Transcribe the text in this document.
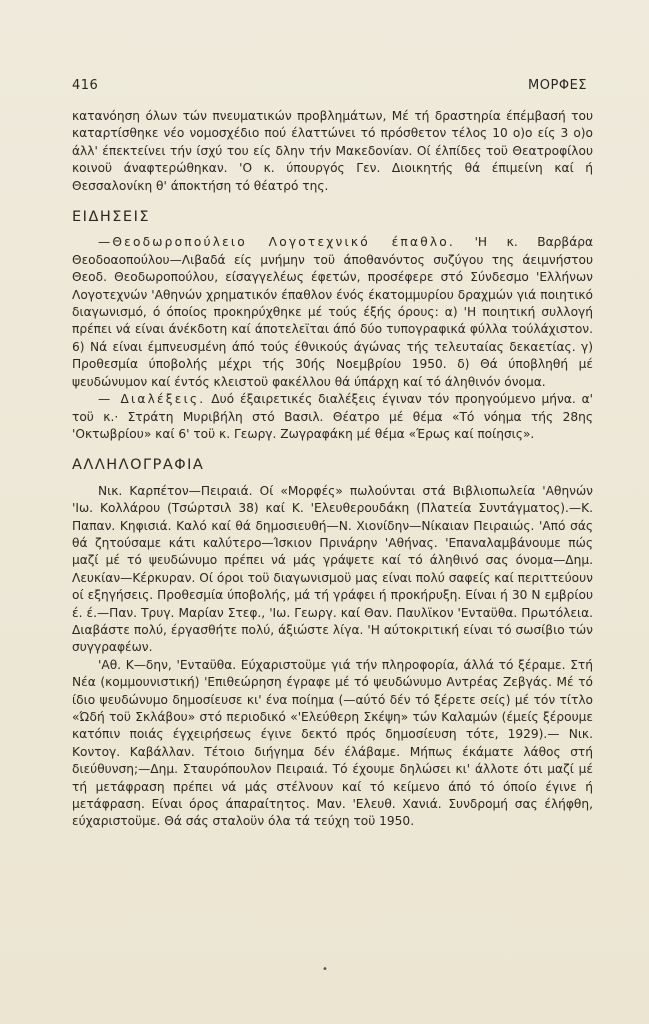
416	ΜΟΡΦΕΣ

κατανόηση όλων τών πνευματικών προβλημάτων, Μέ τή δραστηρία έπέμβασή του καταρτίσθηκε νέο νομοσχέδιο πού έλαττώνει τό πρόσθετον τέλος 10 ο)ο είς 3 ο)ο άλλ' έπεκτείνει τήν ίσχύ του είς δλην τήν Μακεδονίαν. Οί έλπίδες τοϋ Θεατροφίλου κοινοϋ άναφτερώθηκαν. 'Ο κ. ύπουργός Γεν. Διοικητής θά έπιμείνη καί ή Θεσσαλονίκη θ' άποκτήση τό θέατρό της.

ΕΙΔΗΣΕΙΣ

—Θεοδωροπούλειο Λογοτεχνικό έπαθλο. 'Η κ. Βαρβάρα Θεοδοαοπούλου—Λιβαδά είς μνήμην τοϋ άποθανόντος συζύγου της άειμνήστου Θεοδ. Θεοδωροπούλου, είσαγγελέως έφετών, προσέφερε στό Σύνδεσμο 'Ελλήνων Λογοτεχνών 'Αθηνών χρηματικόν έπαθλον ένός έκατομμυρίου δραχμών γιά ποιητικό διαγωνισμό, ό όποίος προκηρύχθηκε μέ τούς έξής όρους: α) 'Η ποιητική συλλογή πρέπει νά είναι άνέκδοτη καί άποτελεϊται άπό δύο τυπογραφικά φύλλα τούλάχιστον. 6) Νά είναι έμπνευσμένη άπό τούς έθνικούς άγώνας τής τελευταίας δεκαετίας. γ) Προθεσμία ύποβολής μέχρι τής 30ής Νοεμβρίου 1950. δ) Θά ύποβληθή μέ ψευδώνυμον καί έντός κλειστοϋ φακέλλου θά ύπάρχη καί τό άληθινόν όνομα.

— Διαλέξεις. Δυό έξαιρετικές διαλέξεις έγιναν τόν προηγούμενο μήνα. α' τοϋ κ.· Στράτη Μυριβήλη στό Βασιλ. Θέατρο μέ θέμα «Τό νόημα τής 28ης 'Οκτωβρίου» καί 6' τοϋ κ. Γεωργ. Ζωγραφάκη μέ θέμα «Έρως καί ποίησις».

ΑΛΛΗΛΟΓΡΑΦΙΑ

Νικ. Καρπέτον—Πειραιά. Οί «Μορφές» πωλούνται στά Βιβλιοπωλεία 'Αθηνών 'Ιω. Κολλάρου (Τσώρτσιλ 38) καί Κ. 'Ελευθερουδάκη (Πλατεία Συντάγματος).—Κ. Παπαν. Κηφισιά. Καλό καί θά δημοσιευθή—Ν. Χιονίδην—Νίκαιαν Πειραιώς. 'Από σάς θά ζητούσαμε κάτι καλύτερο—Ίσκιον Πρινάρην 'Αθήνας. 'Επαναλαμβάνουμε πώς μαζί μέ τό ψευδώνυμο πρέπει νά μάς γράψετε καί τό άληθινό σας όνομα—Δημ. Λευκίαν—Κέρκυραν. Οί όροι τοϋ διαγωνισμοϋ μας είναι πολύ σαφείς καί περιττεύουν οί εξηγήσεις. Προθεσμία ύποβολής, μά τή γράφει ή προκήρυξη. Είναι ή 30 Ν εμβρίου έ. έ.—Παν. Τρυγ. Μαρίαν Στεφ., 'Ιω. Γεωργ. καί Θαν. Παυλϊκον 'Ενταϋθα. Πρωτόλεια. Διαβάστε πολύ, έργασθήτε πολύ, άξιώστε λίγα. 'Η αύτοκριτική είναι τό σωσίβιο τών συγγραφέων.

'Αθ. Κ—δην, 'Ενταϋθα. Εύχαριστοϋμε γιά τήν πληροφορία, άλλά τό ξέραμε. Στή Νέα (κομμουνιστική) 'Επιθεώρηση έγραφε μέ τό ψευδώνυμο Αντρέας Ζεβγάς. Μέ τό ίδιο ψευδώνυμο δημοσίευσε κι' ένα ποίημα (—αύτό δέν τό ξέρετε σείς) μέ τόν τίτλο «Ώδή τοϋ Σκλάβου» στό περιοδικό «'Ελεύθερη Σκέψη» τών Καλαμών (έμείς ξέρουμε κατόπιν ποιάς έγχειρήσεως έγινε δεκτό πρός δημοσίευση τότε, 1929).— Νικ. Κοντογ. Καβάλλαν. Τέτοιο διήγημα δέν έλάβαμε. Μήπως έκάματε λάθος στή διεύθυνση;—Δημ. Σταυρόπουλον Πειραιά. Τό έχουμε δηλώσει κι' άλλοτε ότι μαζί μέ τή μετάφραση πρέπει νά μάς στέλνουν καί τό κείμενο άπό τό όποίο έγινε ή μετάφραση. Είναι όρος άπαραίτητος. Μαν. 'Ελευθ. Χανιά. Συνδρομή σας έλήφθη, εύχαριστοϋμε. Θά σάς σταλοϋν όλα τά τεύχη τοϋ 1950.

•
